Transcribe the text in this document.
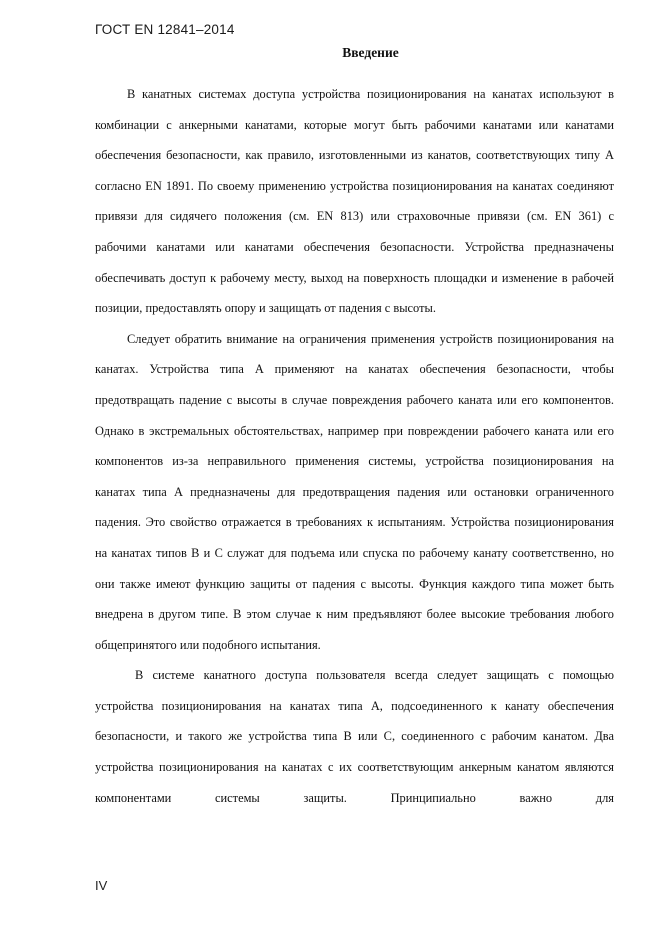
ГОСТ EN 12841–2014
Введение

В канатных системах доступа устройства позиционирования на канатах используют в комбинации с анкерными канатами, которые могут быть рабочими канатами или канатами обеспечения безопасности, как правило, изготовленными из канатов, соответствующих типу А согласно EN 1891. По своему применению устройства позиционирования на канатах соединяют привязи для сидячего положения (см. EN 813) или страховочные привязи (см. EN 361) с рабочими канатами или канатами обеспечения безопасности. Устройства предназначены обеспечивать доступ к рабочему месту, выход на поверхность площадки и изменение в рабочей позиции, предоставлять опору и защищать от падения с высоты.

Следует обратить внимание на ограничения применения устройств позиционирования на канатах. Устройства типа А применяют на канатах обеспечения безопасности, чтобы предотвращать падение с высоты в случае повреждения рабочего каната или его компонентов. Однако в экстремальных обстоятельствах, например при повреждении рабочего каната или его компонентов из-за неправильного применения системы, устройства позиционирования на канатах типа А предназначены для предотвращения падения или остановки ограниченного падения. Это свойство отражается в требованиях к испытаниям. Устройства позиционирования на канатах типов В и С служат для подъема или спуска по рабочему канату соответственно, но они также имеют функцию защиты от падения с высоты. Функция каждого типа может быть внедрена в другом типе. В этом случае к ним предъявляют более высокие требования любого общепринятого или подобного испытания.

В системе канатного доступа пользователя всегда следует защищать с помощью устройства позиционирования на канатах типа А, подсоединенного к канату обеспечения безопасности, и такого же устройства типа В или С, соединенного с рабочим канатом. Два устройства позиционирования на канатах с их соответствующим анкерным канатом являются компонентами системы защиты. Принципиально важно для

IV
